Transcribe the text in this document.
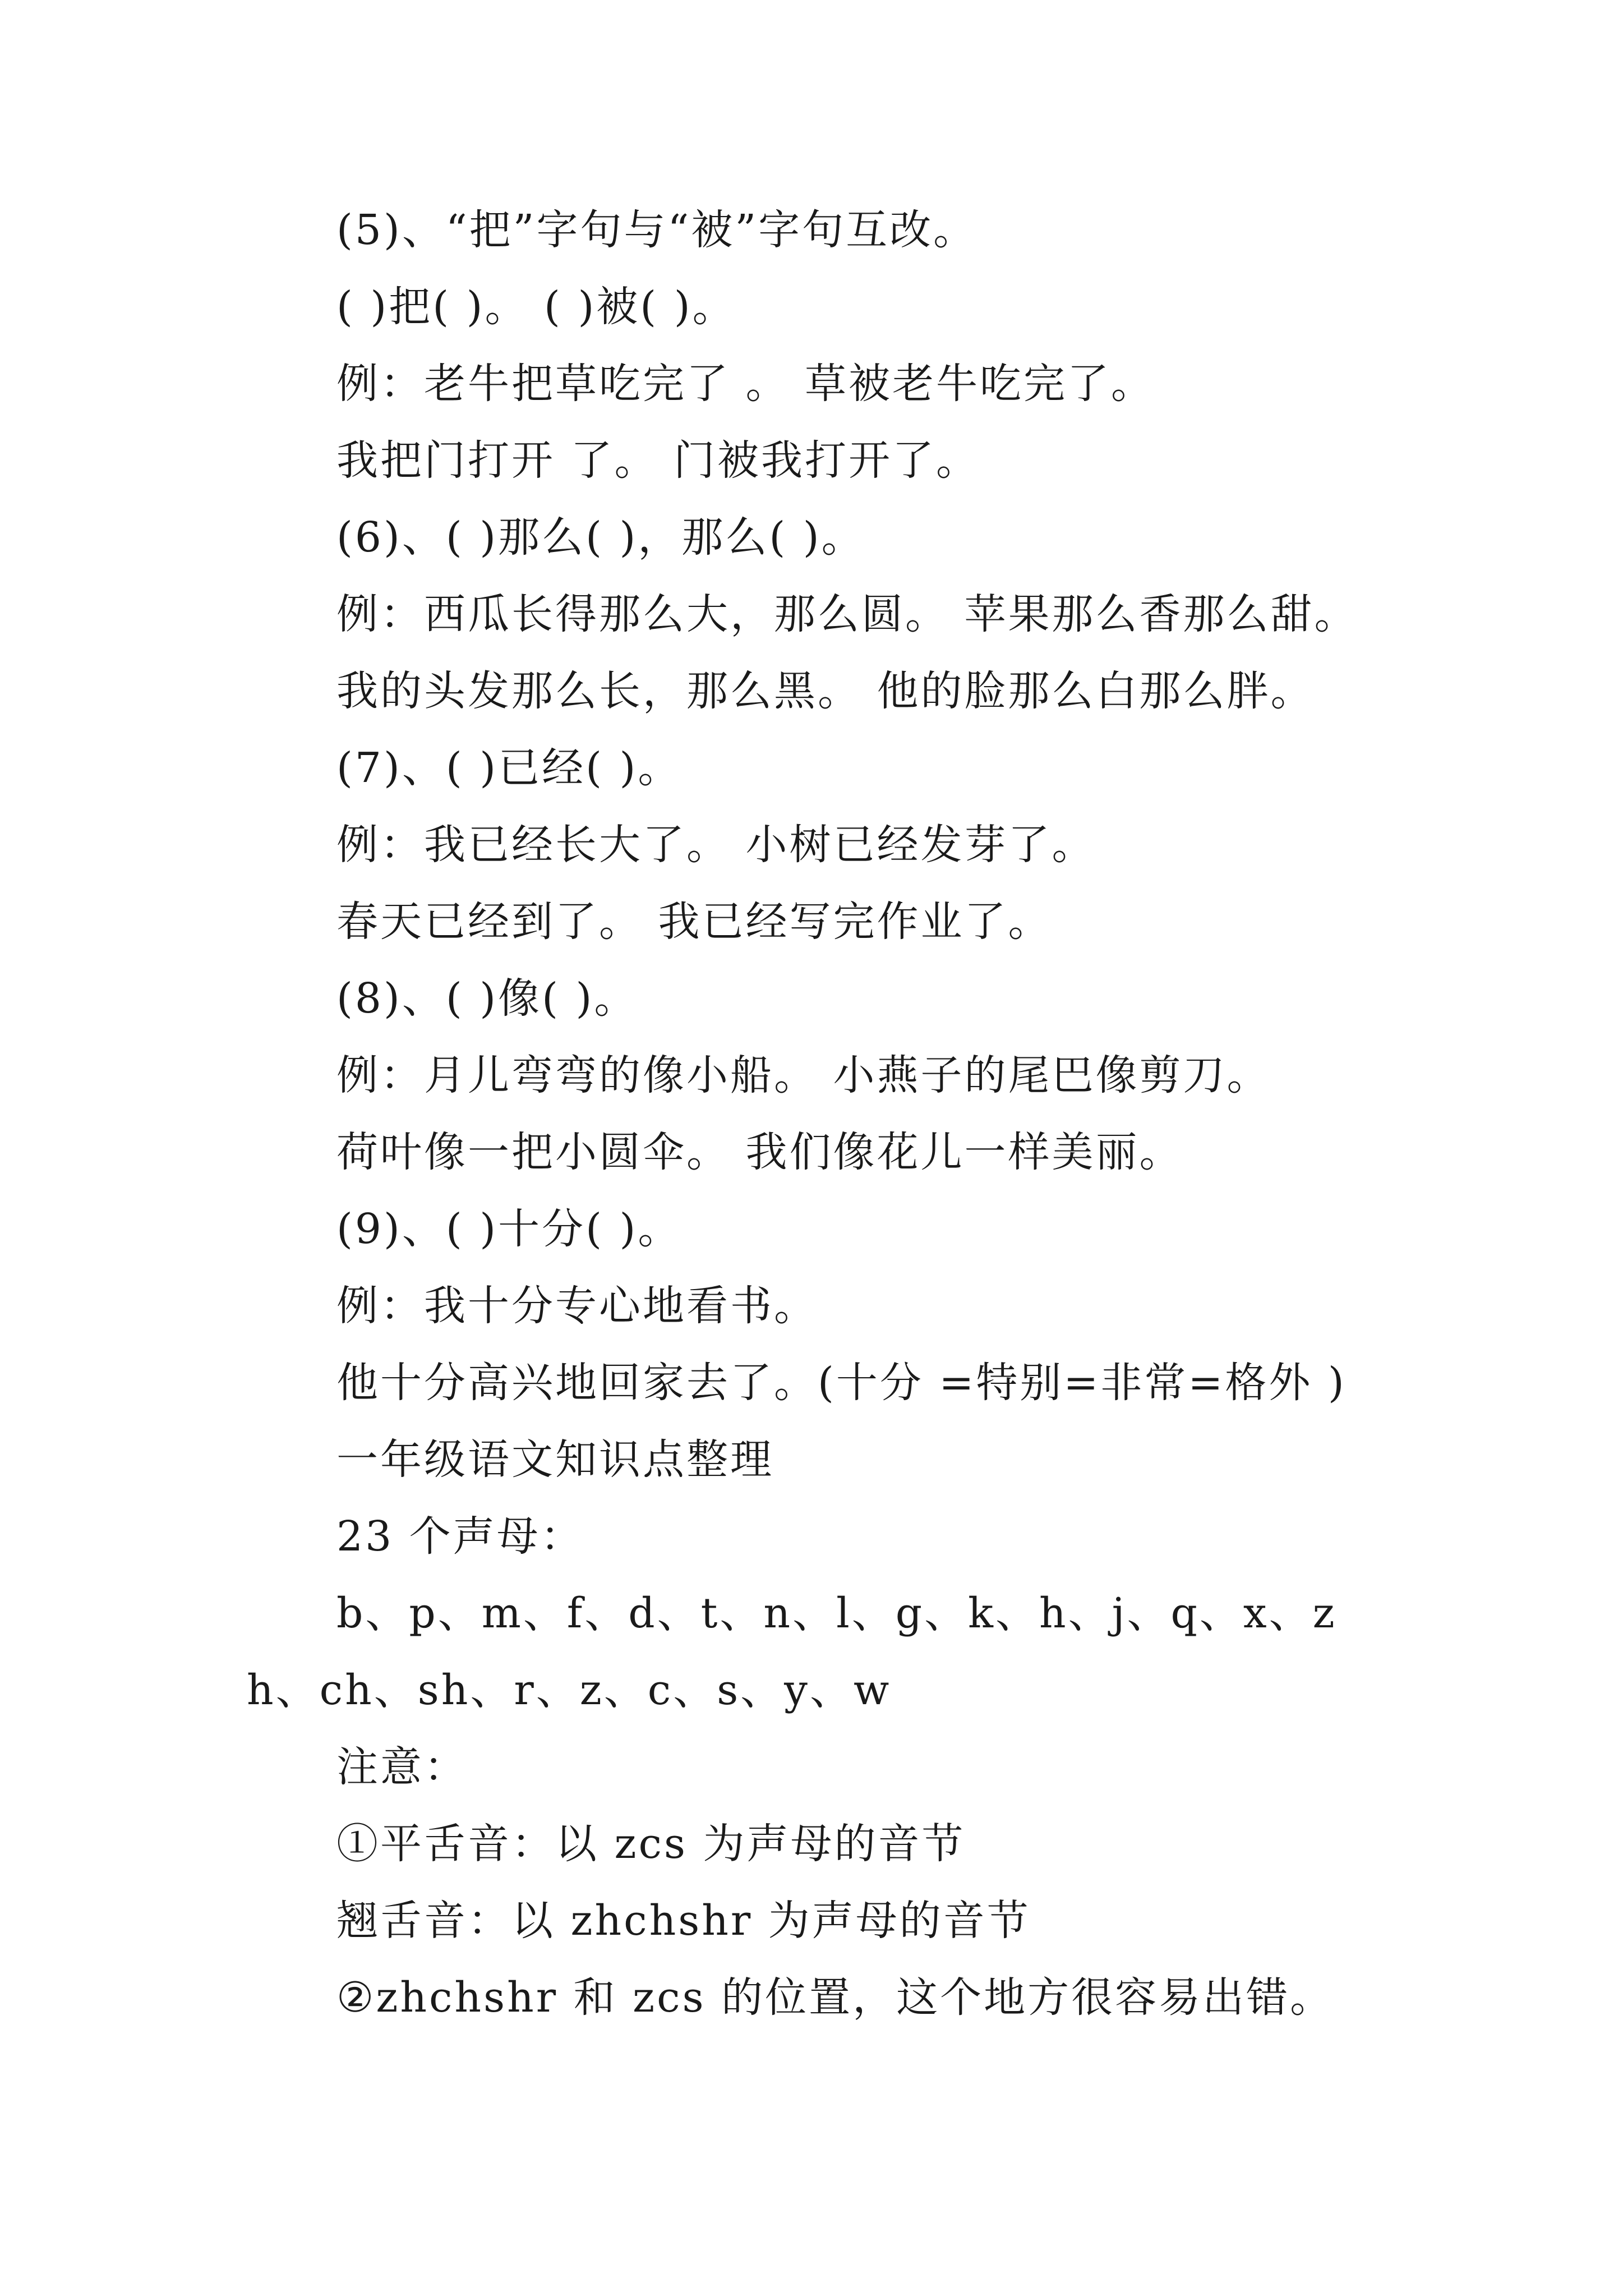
(5)、“把”字句与“被”字句互改。
( )把( )。 ( )被( )。
例：老牛把草吃完了 。 草被老牛吃完了。
我把门打开 了。 门被我打开了。
(6)、( )那么( )，那么( )。
例：西瓜长得那么大，那么圆。 苹果那么香那么甜。
我的头发那么长，那么黑。 他的脸那么白那么胖。
(7)、( )已经( )。
例：我已经长大了。 小树已经发芽了。
春天已经到了。 我已经写完作业了。
(8)、( )像( )。
例：月儿弯弯的像小船。 小燕子的尾巴像剪刀。
荷叶像一把小圆伞。 我们像花儿一样美丽。
(9)、( )十分( )。
例：我十分专心地看书。
他十分高兴地回家去了。(十分 =特别=非常=格外 )
一年级语文知识点整理
23 个声母：
b、p、m、f、d、t、n、l、g、k、h、j、q、x、zh、ch、sh、r、z、c、s、y、w
注意：
①平舌音：以 zcs 为声母的音节
翘舌音：以 zhchshr 为声母的音节
②zhchshr 和 zcs 的位置，这个地方很容易出错。
